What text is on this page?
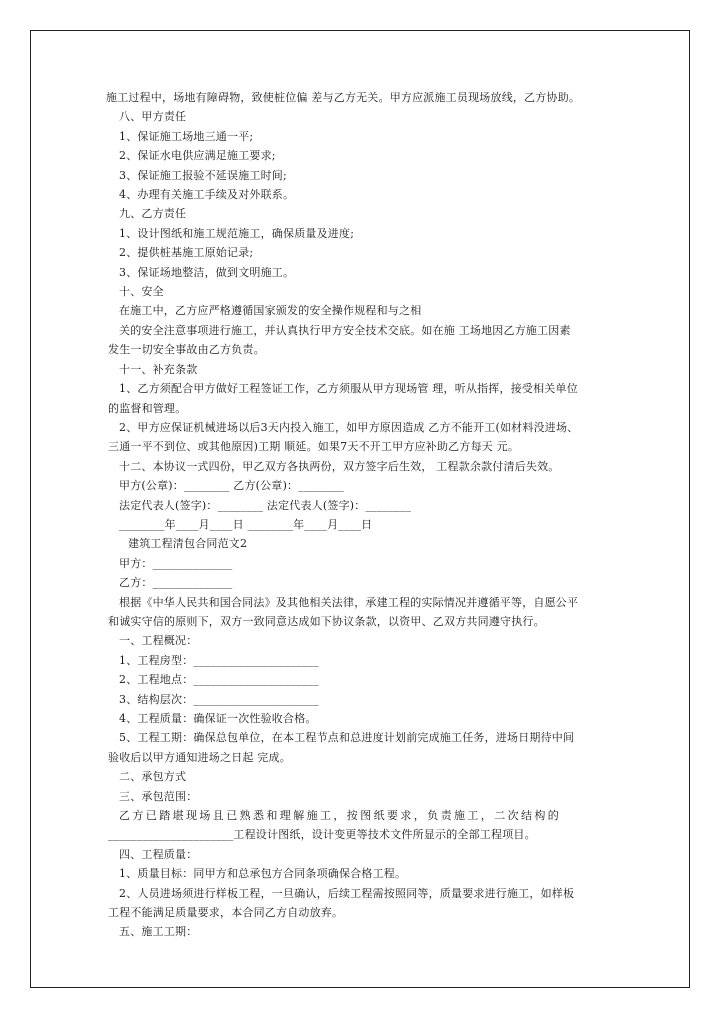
施工过程中，场地有障碍物，致使桩位偏 差与乙方无关。甲方应派施工员现场放线，乙方协助。
八、甲方责任
1、保证施工场地三通一平;
2、保证水电供应满足施工要求;
3、保证施工报验不延误施工时间;
4、办理有关施工手续及对外联系。
九、乙方责任
1、设计图纸和施工规范施工，确保质量及进度;
2、提供桩基施工原始记录;
3、保证场地整洁，做到文明施工。
十、安全
在施工中，乙方应严格遵循国家颁发的安全操作规程和与之相
关的安全注意事项进行施工，并认真执行甲方安全技术交底。如在施 工场地因乙方施工因素
发生一切安全事故由乙方负责。
十一、补充条款
1、乙方须配合甲方做好工程签证工作，乙方须服从甲方现场管 理，听从指挥，接受相关单位
的监督和管理。
2、甲方应保证机械进场以后3天内投入施工，如甲方原因造成 乙方不能开工(如材料没进场、
三通一平不到位、或其他原因)工期 顺延。如果7天不开工甲方应补助乙方每天 元。
十二、本协议一式四份，甲乙双方各执两份，双方签字后生效， 工程款余款付清后失效。
甲方(公章)：________ 乙方(公章)：________
法定代表人(签字)：________ 法定代表人(签字)：________
________年____月____日 ________年____月____日
建筑工程清包合同范文2
甲方：______________
乙方：______________
根据《中华人民共和国合同法》及其他相关法律，承建工程的实际情况并遵循平等，自愿公平
和诚实守信的原则下，双方一致同意达成如下协议条款，以资甲、乙双方共同遵守执行。
一、工程概况：
1、工程房型：______________________
2、工程地点：______________________
3、结构层次：______________________
4、工程质量：确保证一次性验收合格。
5、工程工期：确保总包单位，在本工程节点和总进度计划前完成施工任务，进场日期待中间
验收后以甲方通知进场之日起 完成。
二、承包方式
三、承包范围：
乙方已踏堪现场且已熟悉和理解施工，按图纸要求，负责施工，二次结构的
______________________工程设计图纸，设计变更等技术文件所显示的全部工程项目。
四、工程质量：
1、质量目标：同甲方和总承包方合同条项确保合格工程。
2、人员进场须进行样板工程，一旦确认，后续工程需按照同等，质量要求进行施工，如样板
工程不能满足质量要求，本合同乙方自动放弃。
五、施工工期：
